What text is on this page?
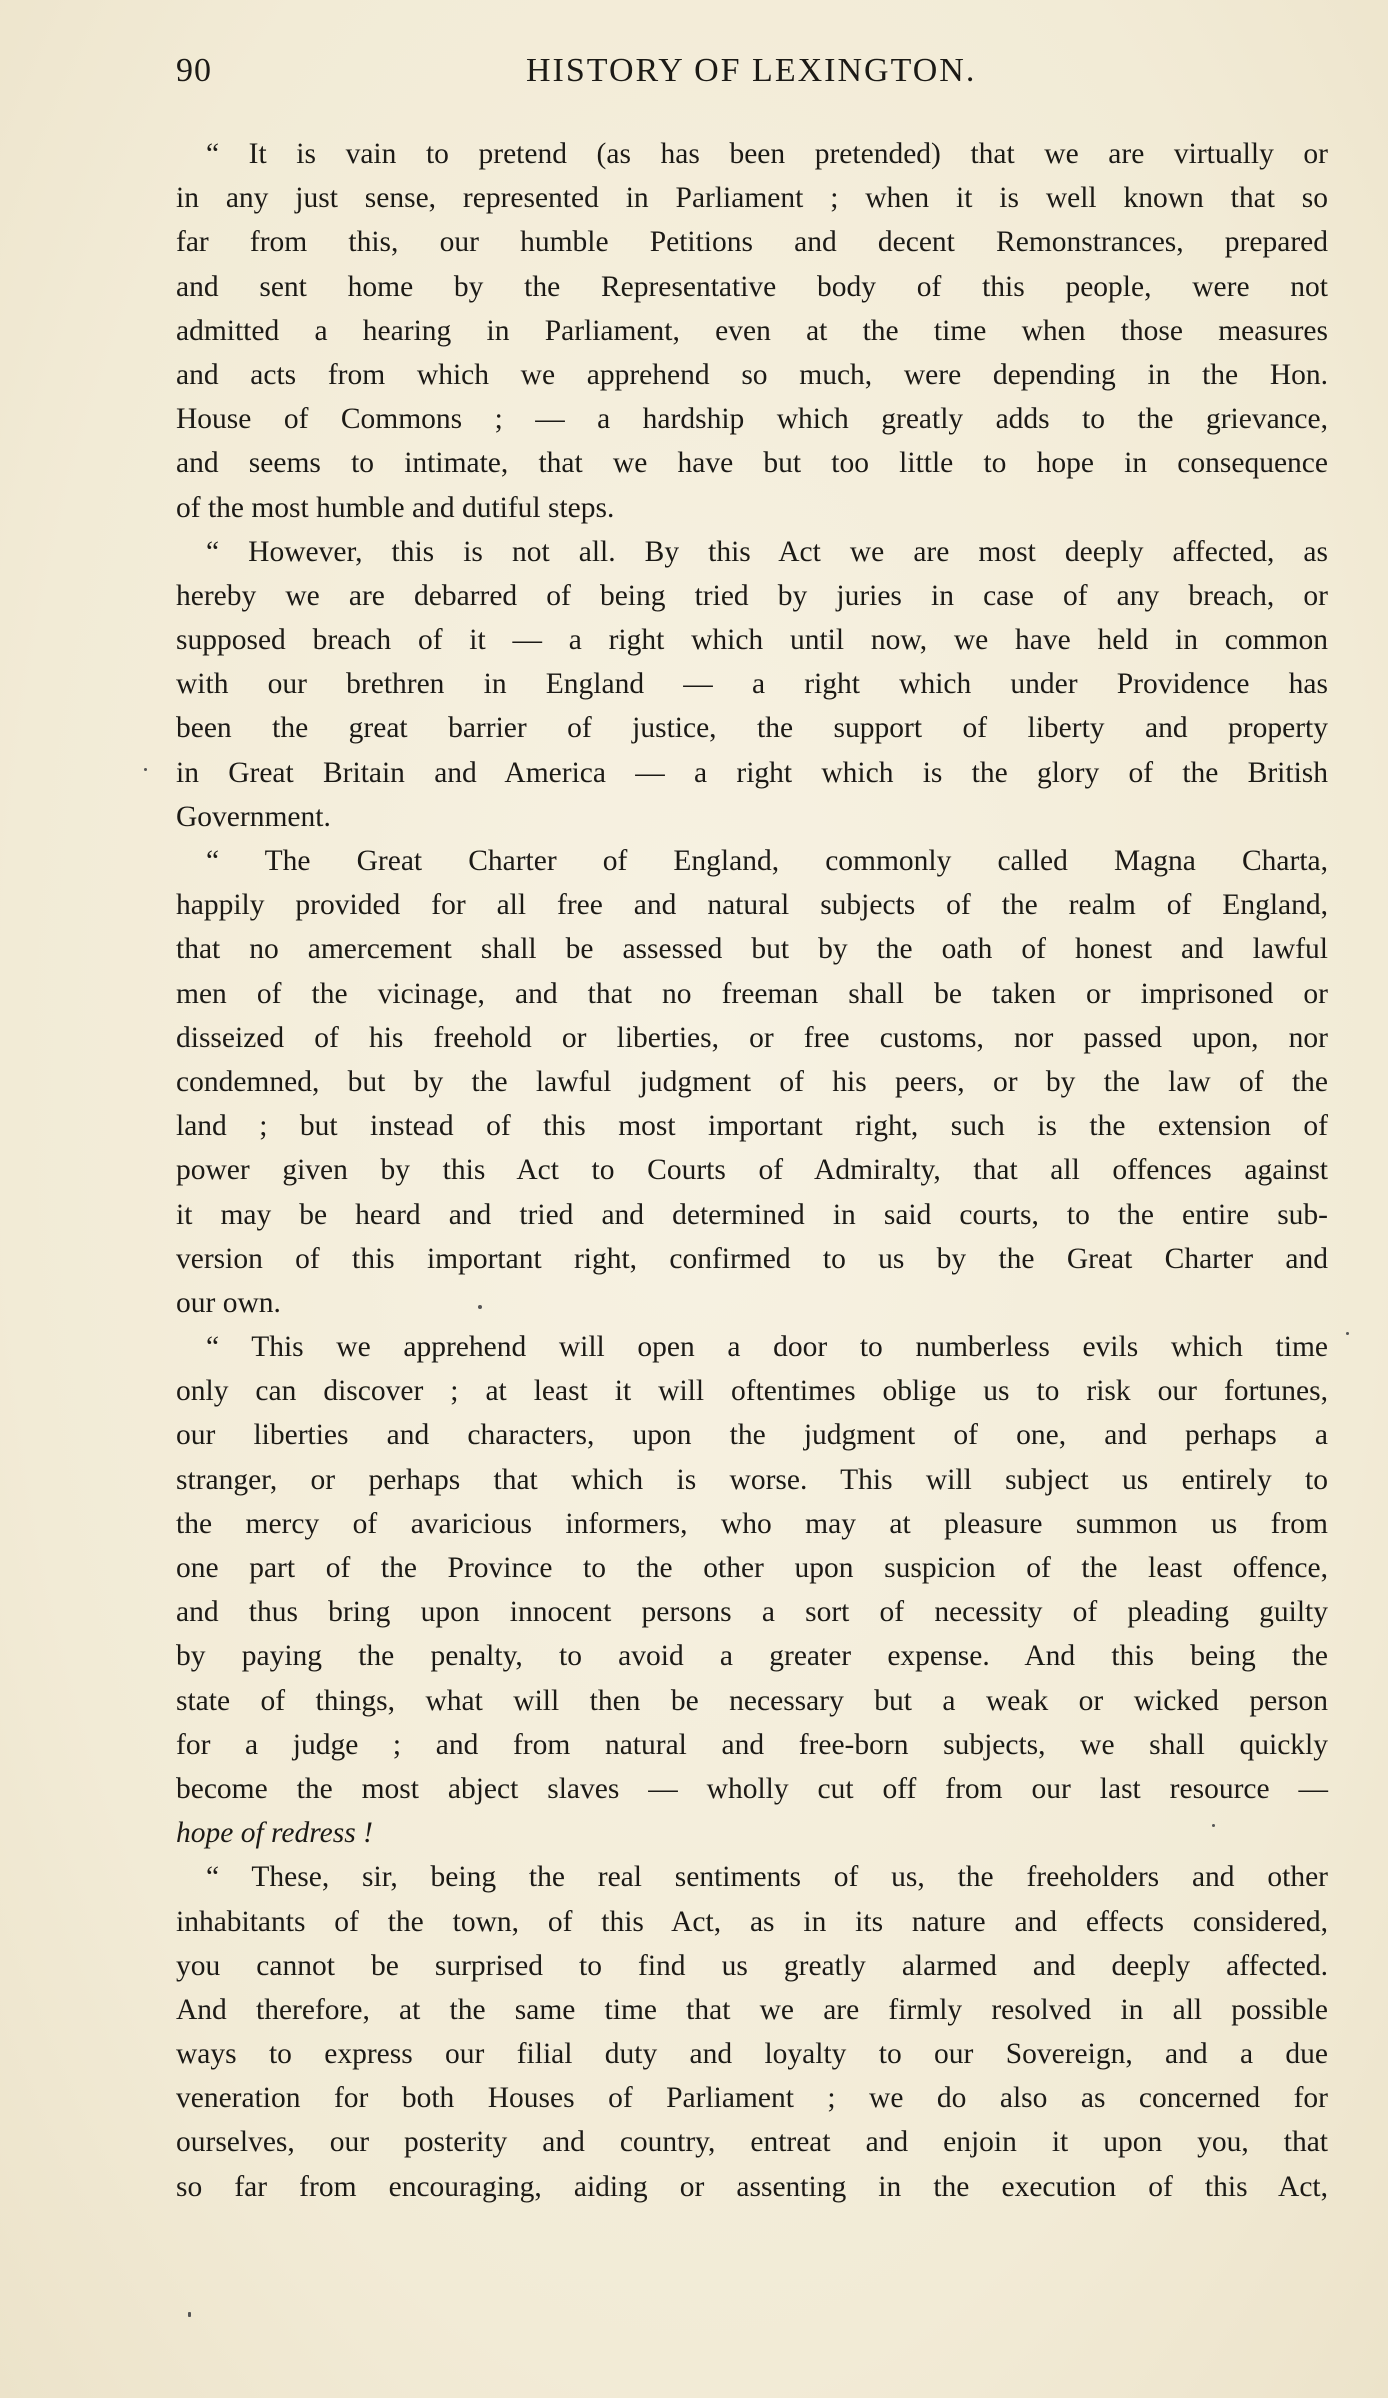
90	HISTORY OF LEXINGTON.
“ It is vain to pretend (as has been pretended) that we are virtually or
in any just sense, represented in Parliament ; when it is well known that so
far from this, our humble Petitions and decent Remonstrances, prepared
and sent home by the Representative body of this people, were not
admitted a hearing in Parliament, even at the time when those measures
and acts from which we apprehend so much, were depending in the Hon.
House of Commons ; — a hardship which greatly adds to the grievance,
and seems to intimate, that we have but too little to hope in consequence
of the most humble and dutiful steps.
“ However, this is not all. By this Act we are most deeply affected, as
hereby we are debarred of being tried by juries in case of any breach, or
supposed breach of it — a right which until now, we have held in common
with our brethren in England — a right which under Providence has
been the great barrier of justice, the support of liberty and property
in Great Britain and America — a right which is the glory of the British
Government.
“ The Great Charter of England, commonly called Magna Charta,
happily provided for all free and natural subjects of the realm of England,
that no amercement shall be assessed but by the oath of honest and lawful
men of the vicinage, and that no freeman shall be taken or imprisoned or
disseized of his freehold or liberties, or free customs, nor passed upon, nor
condemned, but by the lawful judgment of his peers, or by the law of the
land ; but instead of this most important right, such is the extension of
power given by this Act to Courts of Admiralty, that all offences against
it may be heard and tried and determined in said courts, to the entire sub-
version of this important right, confirmed to us by the Great Charter and
our own.
“ This we apprehend will open a door to numberless evils which time
only can discover ; at least it will oftentimes oblige us to risk our fortunes,
our liberties and characters, upon the judgment of one, and perhaps a
stranger, or perhaps that which is worse. This will subject us entirely to
the mercy of avaricious informers, who may at pleasure summon us from
one part of the Province to the other upon suspicion of the least offence,
and thus bring upon innocent persons a sort of necessity of pleading guilty
by paying the penalty, to avoid a greater expense. And this being the
state of things, what will then be necessary but a weak or wicked person
for a judge ; and from natural and free-born subjects, we shall quickly
become the most abject slaves — wholly cut off from our last resource —
hope of redress !
“ These, sir, being the real sentiments of us, the freeholders and other
inhabitants of the town, of this Act, as in its nature and effects considered,
you cannot be surprised to find us greatly alarmed and deeply affected.
And therefore, at the same time that we are firmly resolved in all possible
ways to express our filial duty and loyalty to our Sovereign, and a due
veneration for both Houses of Parliament ; we do also as concerned for
ourselves, our posterity and country, entreat and enjoin it upon you, that
so far from encouraging, aiding or assenting in the execution of this Act,
